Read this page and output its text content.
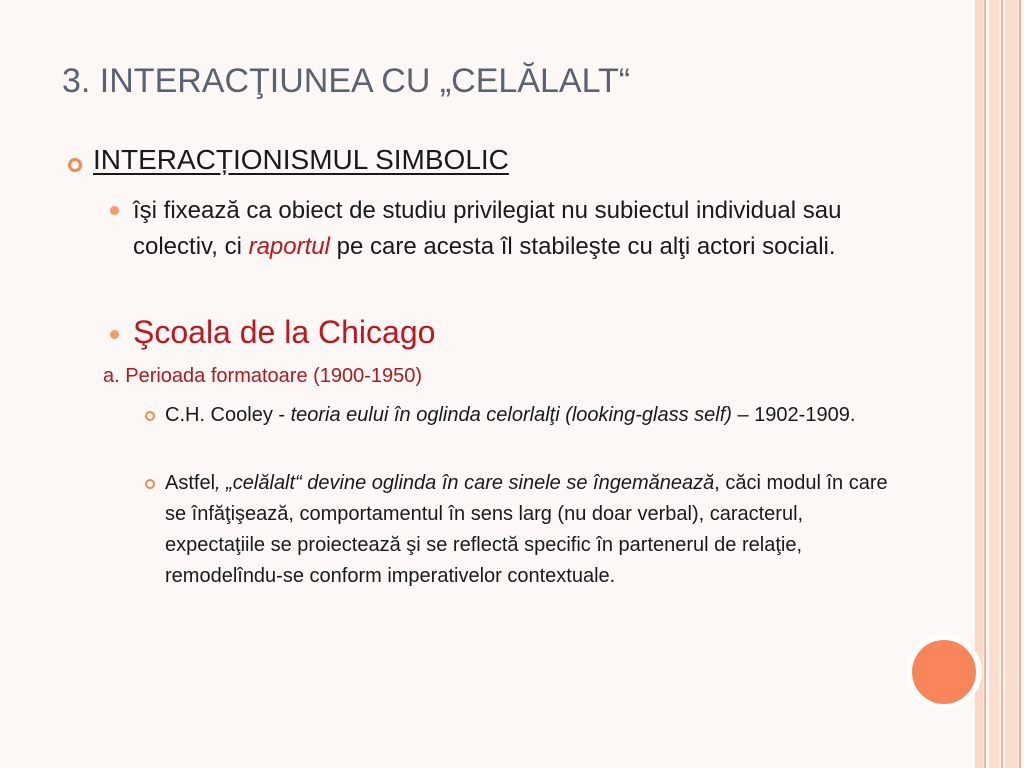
3. INTERACŢIUNEA CU „CELĂLALT“
INTERACȚIONISMUL SIMBOLIC
îşi fixează ca obiect de studiu privilegiat nu subiectul individual sau colectiv, ci raportul pe care acesta îl stabileşte cu alţi actori sociali.
Şcoala de la Chicago
a. Perioada formatoare (1900-1950)
C.H. Cooley - teoria eului în oglinda celorlalţi (looking-glass self) – 1902-1909.
Astfel, „celălalt“ devine oglinda în care sinele se îngemănează, căci modul în care se înfăţişează, comportamentul în sens larg (nu doar verbal), caracterul, expectaţiile se proiectează şi se reflectă specific în partenerul de relaţie, remodelîndu-se conform imperativelor contextuale.
